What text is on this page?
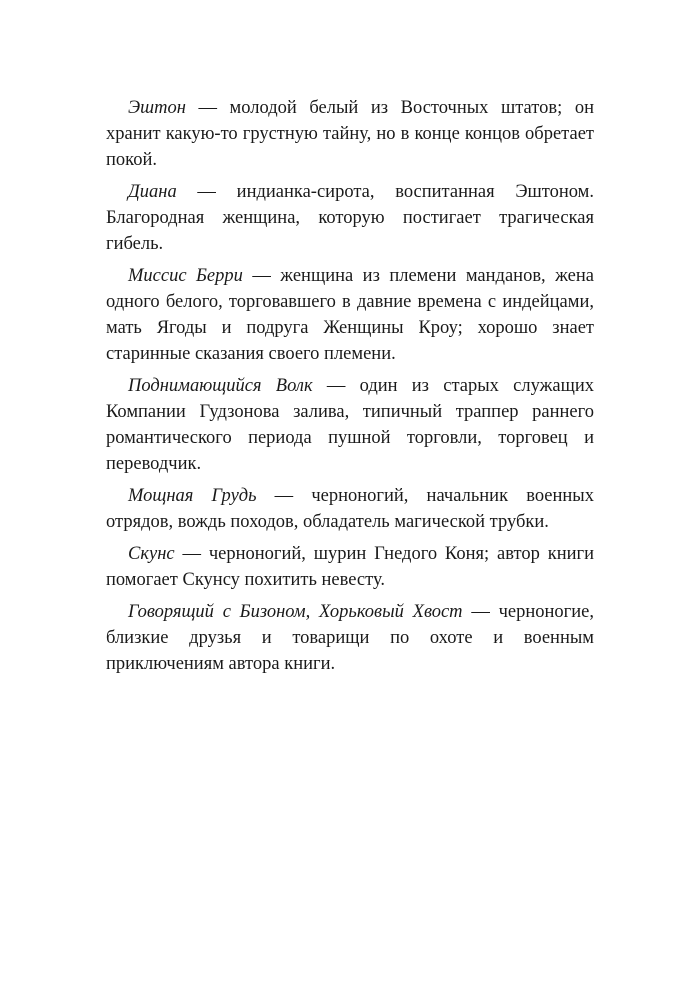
Эштон — молодой белый из Восточных штатов; он хранит какую-то грустную тайну, но в конце концов обретает покой.

Диана — индианка-сирота, воспитанная Эштоном. Благородная женщина, которую постигает трагическая гибель.

Миссис Берри — женщина из племени манданов, жена одного белого, торговавшего в давние времена с индейцами, мать Ягоды и подруга Женщины Кроу; хорошо знает старинные сказания своего племени.

Поднимающийся Волк — один из старых служащих Компании Гудзонова залива, типичный траппер раннего романтического периода пушной торговли, торговец и переводчик.

Мощная Грудь — черноногий, начальник военных отрядов, вождь походов, обладатель магической трубки.

Скунс — черноногий, шурин Гнедого Коня; автор книги помогает Скунсу похитить невесту.

Говорящий с Бизоном, Хорьковый Хвост — черноногие, близкие друзья и товарищи по охоте и военным приключениям автора книги.
